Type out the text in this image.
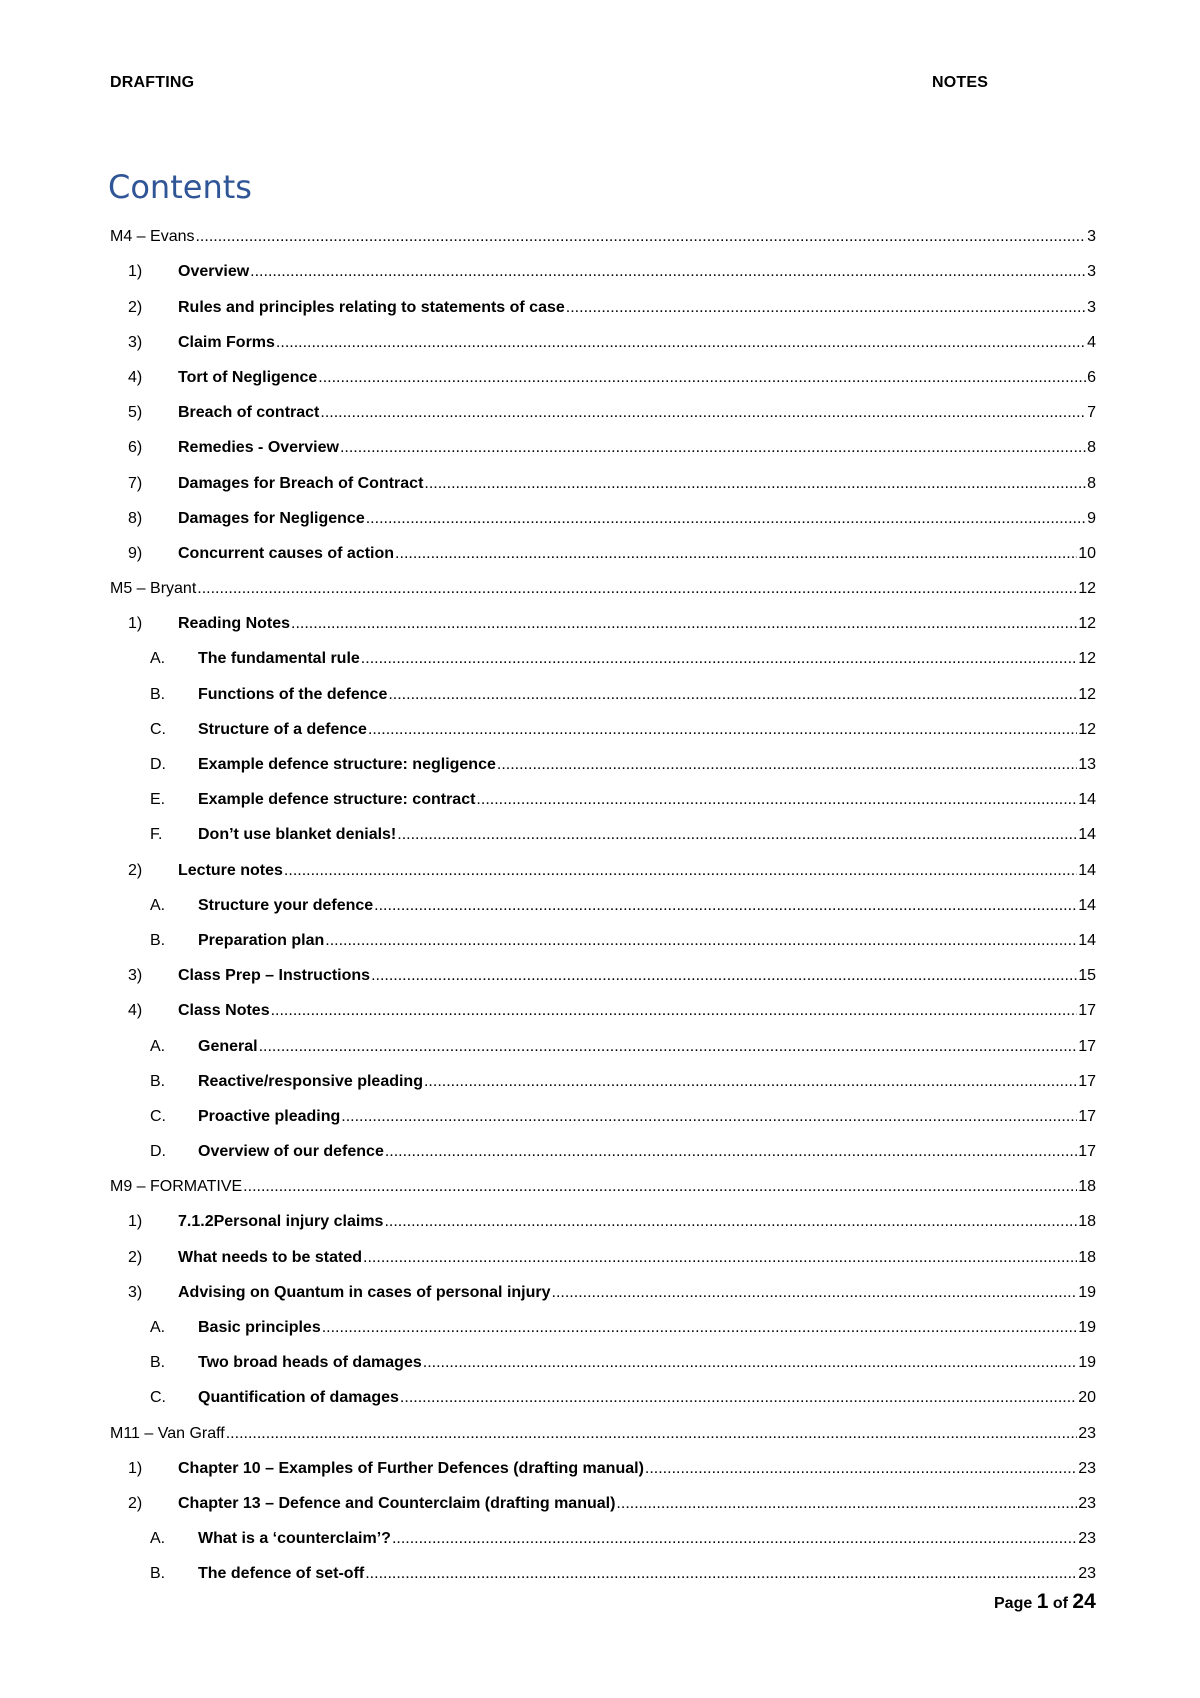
DRAFTING	NOTES
Contents
M4 – Evans .....	3
1)	Overview .....	3
2)	Rules and principles relating to statements of case .....	3
3)	Claim Forms .....	4
4)	Tort of Negligence .....	6
5)	Breach of contract .....	7
6)	Remedies - Overview .....	8
7)	Damages for Breach of Contract .....	8
8)	Damages for Negligence .....	9
9)	Concurrent causes of action .....	10
M5 – Bryant .....	12
1)	Reading Notes .....	12
A.	The fundamental rule .....	12
B.	Functions of the defence .....	12
C.	Structure of a defence .....	12
D.	Example defence structure: negligence .....	13
E.	Example defence structure: contract .....	14
F.	Don’t use blanket denials! .....	14
2)	Lecture notes .....	14
A.	Structure your defence .....	14
B.	Preparation plan .....	14
3)	Class Prep – Instructions .....	15
4)	Class Notes .....	17
A.	General .....	17
B.	Reactive/responsive pleading .....	17
C.	Proactive pleading .....	17
D.	Overview of our defence .....	17
M9 – FORMATIVE .....	18
1)	7.1.2Personal injury claims .....	18
2)	What needs to be stated .....	18
3)	Advising on Quantum in cases of personal injury .....	19
A.	Basic principles .....	19
B.	Two broad heads of damages .....	19
C.	Quantification of damages .....	20
M11 – Van Graff .....	23
1)	Chapter 10 – Examples of Further Defences (drafting manual) .....	23
2)	Chapter 13 – Defence and Counterclaim (drafting manual) .....	23
A.	What is a ‘counterclaim’? .....	23
B.	The defence of set-off .....	23
Page 1 of 24
